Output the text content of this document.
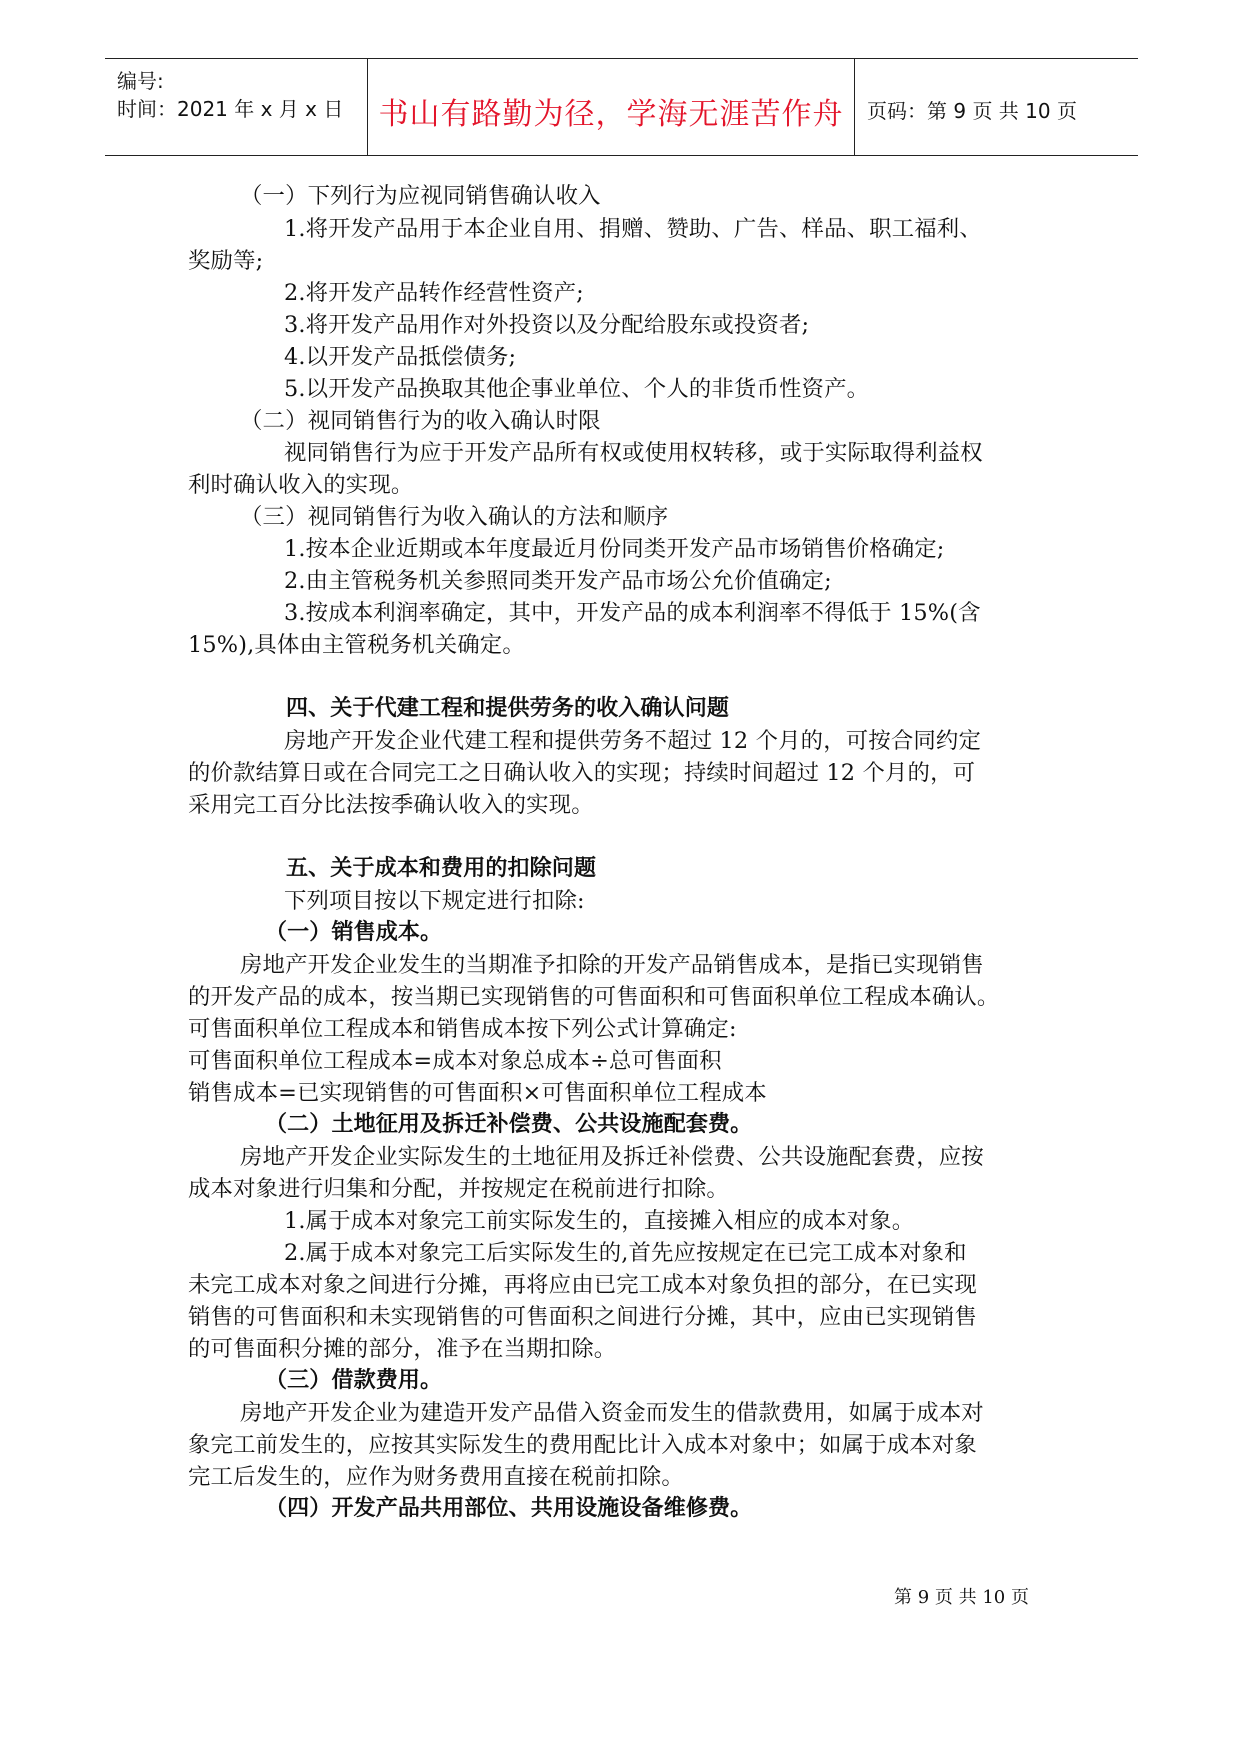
编号:
时间：2021 年 x 月 x 日	书山有路勤为径，学海无涯苦作舟	页码：第 9 页 共 10 页
（一）下列行为应视同销售确认收入
1.将开发产品用于本企业自用、捐赠、赞助、广告、样品、职工福利、
奖励等;
2.将开发产品转作经营性资产;
3.将开发产品用作对外投资以及分配给股东或投资者;
4.以开发产品抵偿债务;
5.以开发产品换取其他企事业单位、个人的非货币性资产。
（二）视同销售行为的收入确认时限
视同销售行为应于开发产品所有权或使用权转移，或于实际取得利益权
利时确认收入的实现。
（三）视同销售行为收入确认的方法和顺序
1.按本企业近期或本年度最近月份同类开发产品市场销售价格确定;
2.由主管税务机关参照同类开发产品市场公允价值确定;
3.按成本利润率确定，其中，开发产品的成本利润率不得低于 15%(含
15%),具体由主管税务机关确定。
四、关于代建工程和提供劳务的收入确认问题
房地产开发企业代建工程和提供劳务不超过 12 个月的，可按合同约定
的价款结算日或在合同完工之日确认收入的实现；持续时间超过 12 个月的，可
采用完工百分比法按季确认收入的实现。
五、关于成本和费用的扣除问题
下列项目按以下规定进行扣除:
（一）销售成本。
房地产开发企业发生的当期准予扣除的开发产品销售成本，是指已实现销售
的开发产品的成本，按当期已实现销售的可售面积和可售面积单位工程成本确认。
可售面积单位工程成本和销售成本按下列公式计算确定:
可售面积单位工程成本=成本对象总成本÷总可售面积
销售成本=已实现销售的可售面积×可售面积单位工程成本
（二）土地征用及拆迁补偿费、公共设施配套费。
房地产开发企业实际发生的土地征用及拆迁补偿费、公共设施配套费，应按
成本对象进行归集和分配，并按规定在税前进行扣除。
1.属于成本对象完工前实际发生的，直接摊入相应的成本对象。
2.属于成本对象完工后实际发生的,首先应按规定在已完工成本对象和
未完工成本对象之间进行分摊，再将应由已完工成本对象负担的部分，在已实现
销售的可售面积和未实现销售的可售面积之间进行分摊，其中，应由已实现销售
的可售面积分摊的部分，准予在当期扣除。
（三）借款费用。
房地产开发企业为建造开发产品借入资金而发生的借款费用，如属于成本对
象完工前发生的，应按其实际发生的费用配比计入成本对象中；如属于成本对象
完工后发生的，应作为财务费用直接在税前扣除。
（四）开发产品共用部位、共用设施设备维修费。
第 9 页 共 10 页
